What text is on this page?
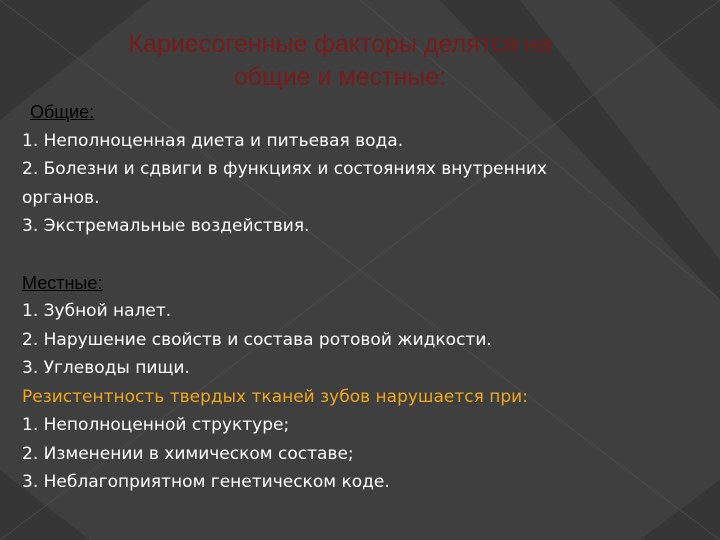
Кариесогенные факторы делятся на
общие и местные:
Общие:
1. Неполноценная диета и питьевая вода.
2. Болезни и сдвиги в функциях и состояниях внутренних
органов.
3. Экстремальные воздействия.
Местные:
1. Зубной налет.
2. Нарушение свойств и состава ротовой жидкости.
3. Углеводы пищи.
Резистентность твердых тканей зубов нарушается при:
1. Неполноценной структуре;
2. Изменении в химическом составе;
3. Неблагоприятном генетическом коде.
